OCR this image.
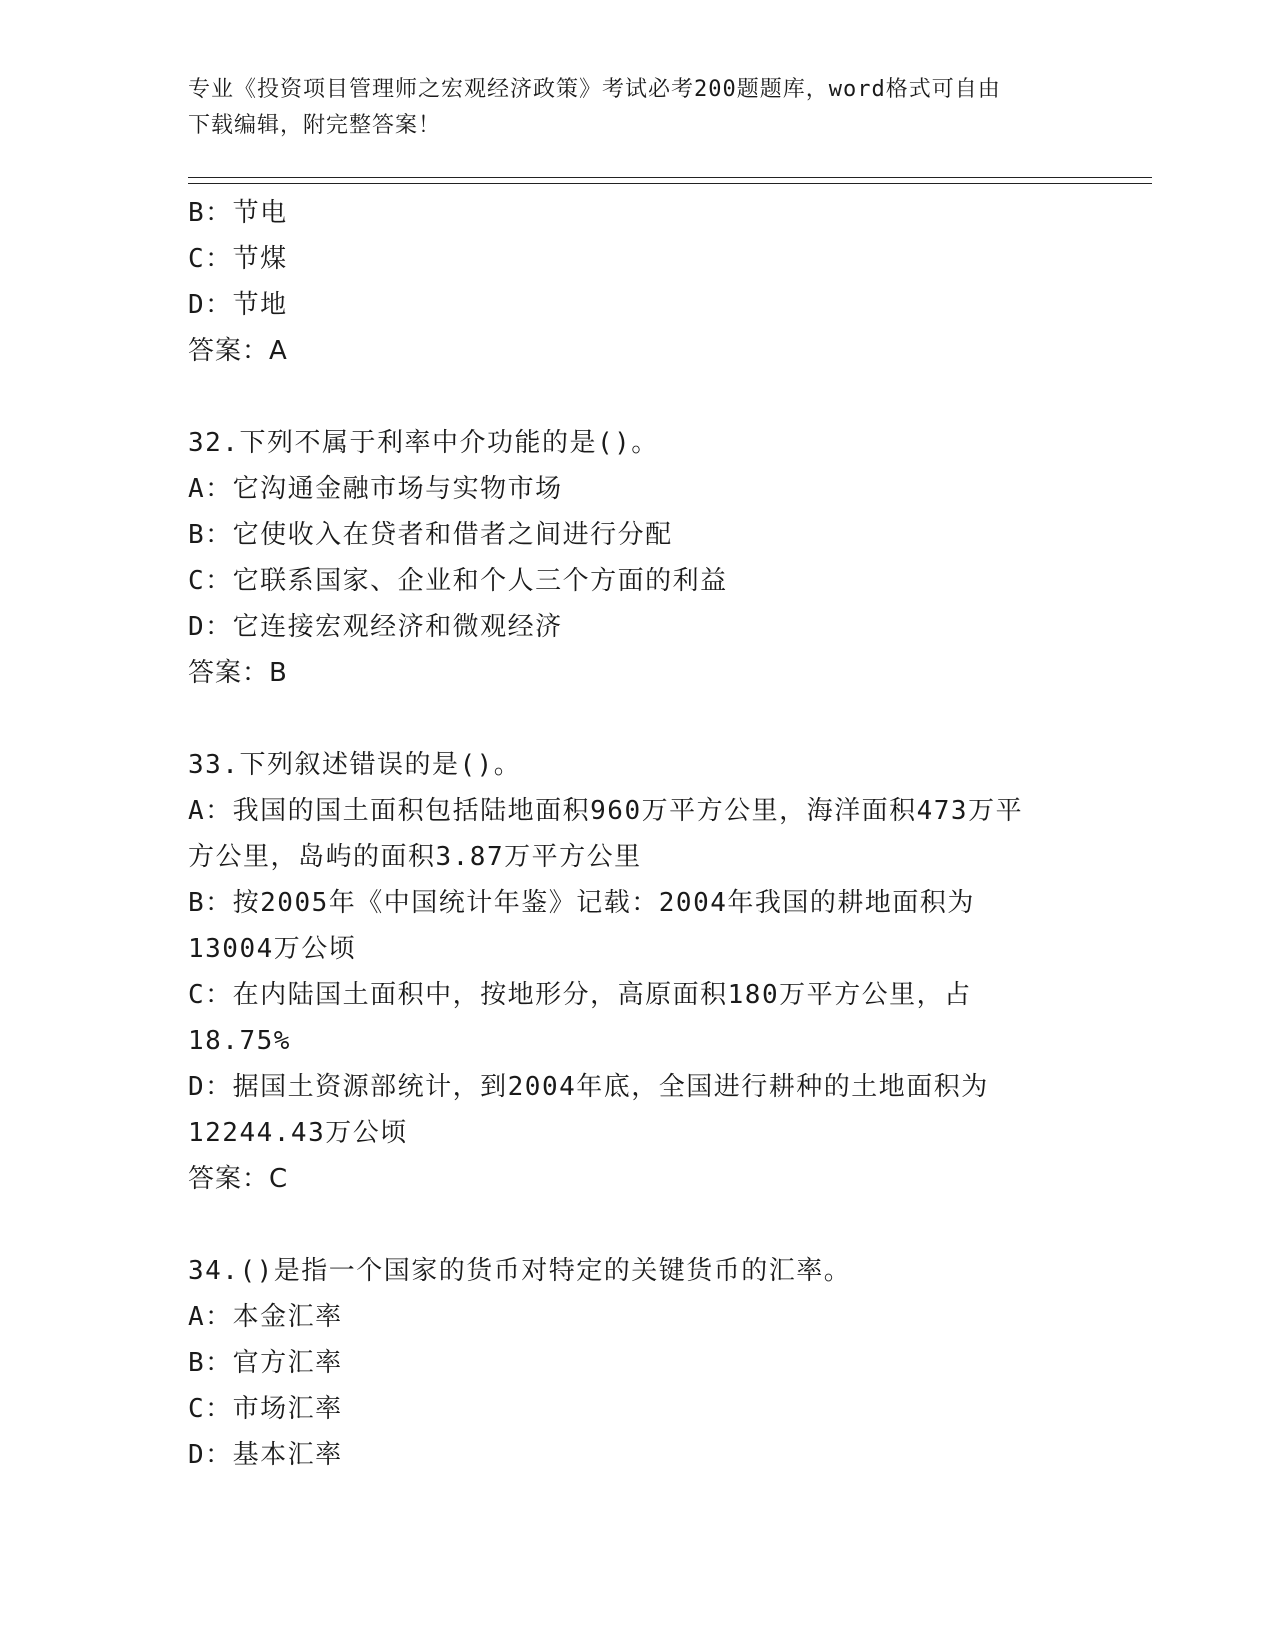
专业《投资项目管理师之宏观经济政策》考试必考200题题库，word格式可自由
下载编辑，附完整答案！
B：节电
C：节煤
D：节地
答案：A
32.下列不属于利率中介功能的是()。
A：它沟通金融市场与实物市场
B：它使收入在贷者和借者之间进行分配
C：它联系国家、企业和个人三个方面的利益
D：它连接宏观经济和微观经济
答案：B
33.下列叙述错误的是()。
A：我国的国土面积包括陆地面积960万平方公里，海洋面积473万平
方公里，岛屿的面积3.87万平方公里
B：按2005年《中国统计年鉴》记载：2004年我国的耕地面积为
13004万公顷
C：在内陆国土面积中，按地形分，高原面积180万平方公里，占
18.75%
D：据国土资源部统计，到2004年底，全国进行耕种的土地面积为
12244.43万公顷
答案：C
34.()是指一个国家的货币对特定的关键货币的汇率。
A：本金汇率
B：官方汇率
C：市场汇率
D：基本汇率
